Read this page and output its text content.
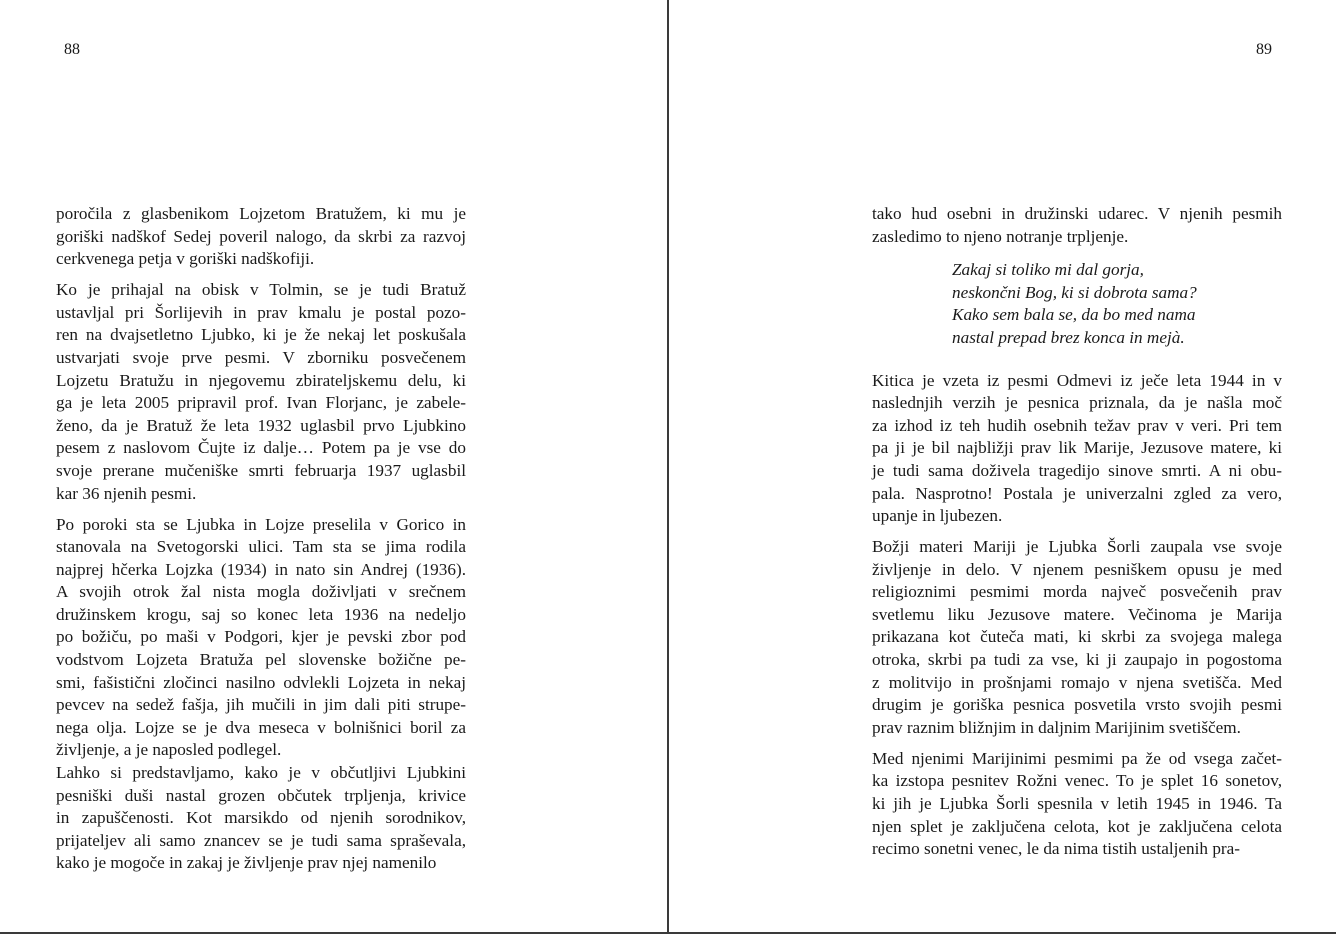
88
poročila z glasbenikom Lojzetom Bratužem, ki mu je
goriški nadškof Sedej poveril nalogo, da skrbi za razvoj
cerkvenega petja v goriški nadškofiji.
Ko je prihajal na obisk v Tolmin, se je tudi Bratuž
ustavljal pri Šorlijevih in prav kmalu je postal pozo-
ren na dvajsetletno Ljubko, ki je že nekaj let poskušala
ustvarjati svoje prve pesmi. V zborniku posvečenem
Lojzetu Bratužu in njegovemu zbirateljskemu delu, ki
ga je leta 2005 pripravil prof. Ivan Florjanc, je zabele-
ženo, da je Bratuž že leta 1932 uglasbil prvo Ljubkino
pesem z naslovom Čujte iz dalje… Potem pa je vse do
svoje prerane mučeniške smrti februarja 1937 uglasbil
kar 36 njenih pesmi.
Po poroki sta se Ljubka in Lojze preselila v Gorico in
stanovala na Svetogorski ulici. Tam sta se jima rodila
najprej hčerka Lojzka (1934) in nato sin Andrej (1936).
A svojih otrok žal nista mogla doživljati v srečnem
družinskem krogu, saj so konec leta 1936 na nedeljo
po božiču, po maši v Podgori, kjer je pevski zbor pod
vodstvom Lojzeta Bratuža pel slovenske božične pe-
smi, fašistični zločinci nasilno odvlekli Lojzeta in nekaj
pevcev na sedež fašja, jih mučili in jim dali piti strupe-
nega olja. Lojze se je dva meseca v bolnišnici boril za
življenje, a je naposled podlegel.
Lahko si predstavljamo, kako je v občutljivi Ljubkini
pesniški duši nastal grozen občutek trpljenja, krivice
in zapuščenosti. Kot marsikdo od njenih sorodnikov,
prijateljev ali samo znancev se je tudi sama spraševala,
kako je mogoče in zakaj je življenje prav njej namenilo
89
tako hud osebni in družinski udarec. V njenih pesmih
zasledimo to njeno notranje trpljenje.
Zakaj si toliko mi dal gorja,
neskončni Bog, ki si dobrota sama?
Kako sem bala se, da bo med nama
nastal prepad brez konca in mejà.
Kitica je vzeta iz pesmi Odmevi iz ječe leta 1944 in v
naslednjih verzih je pesnica priznala, da je našla moč
za izhod iz teh hudih osebnih težav prav v veri. Pri tem
pa ji je bil najbližji prav lik Marije, Jezusove matere, ki
je tudi sama doživela tragedijo sinove smrti. A ni obu-
pala. Nasprotno! Postala je univerzalni zgled za vero,
upanje in ljubezen.
Božji materi Mariji je Ljubka Šorli zaupala vse svoje
življenje in delo. V njenem pesniškem opusu je med
religioznimi pesmimi morda največ posvečenih prav
svetlemu liku Jezusove matere. Večinoma je Marija
prikazana kot čuteča mati, ki skrbi za svojega malega
otroka, skrbi pa tudi za vse, ki ji zaupajo in pogostoma
z molitvijo in prošnjami romajo v njena svetišča. Med
drugim je goriška pesnica posvetila vrsto svojih pesmi
prav raznim bližnjim in daljnim Marijinim svetiščem.
Med njenimi Marijinimi pesmimi pa že od vsega začet-
ka izstopa pesnitev Rožni venec. To je splet 16 sonetov,
ki jih je Ljubka Šorli spesnila v letih 1945 in 1946. Ta
njen splet je zaključena celota, kot je zaključena celota
recimo sonetni venec, le da nima tistih ustaljenih pra-
